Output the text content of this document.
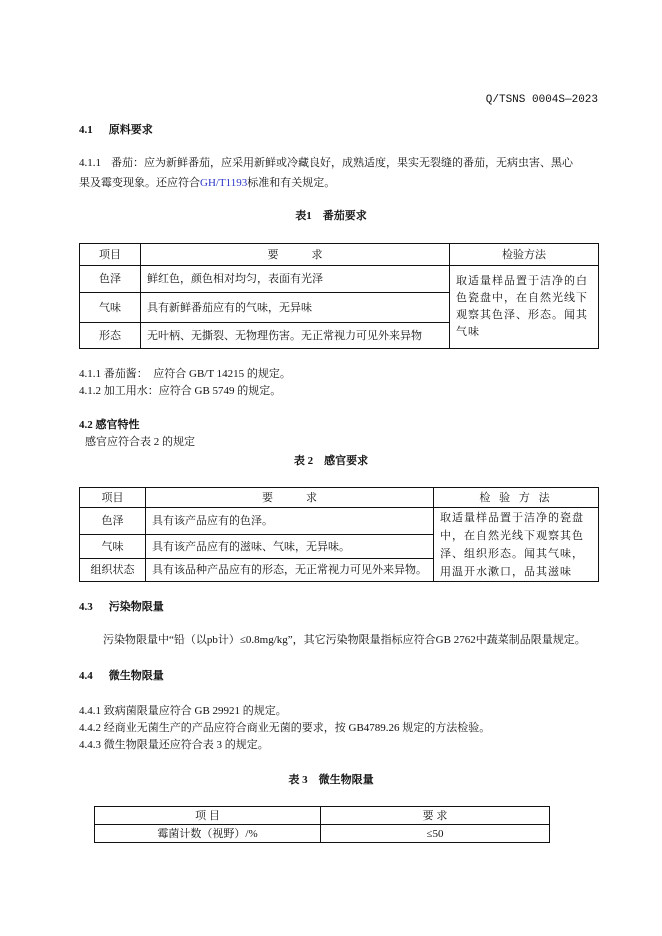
Q/TSNS 0004S—2023
4.1 原料要求
4.1.1 番茄：应为新鲜番茄，应采用新鲜或冷藏良好，成熟适度，果实无裂缝的番茄，无病虫害、黑心
果及霉变现象。还应符合GH/T1193标准和有关规定。
表1　番茄要求
项目	要　　　求	检验方法
色泽	鲜红色，颜色相对均匀，表面有光泽	取适量样品置于洁净的白色瓷盘中，在自然光线下观察其色泽、形态。闻其气味
气味	具有新鲜番茄应有的气味，无异味	
形态	无叶柄、无撕裂、无物理伤害。无正常视力可见外来异物	
4.1.1 番茄酱：　应符合 GB/T 14215 的规定。
4.1.2 加工用水：应符合 GB 5749 的规定。
4.2 感官特性
感官应符合表 2 的规定
表 2　感官要求
项目	要　　　求	检 验 方 法
色泽	具有该产品应有的色泽。	取适量样品置于洁净的瓷盘中，在自然光线下观察其色泽、组织形态。闻其气味，用温开水漱口，品其滋味
气味	具有该产品应有的滋味、气味，无异味。	
组织状态	具有该品种产品应有的形态，无正常视力可见外来异物。	
4.3 污染物限量
污染物限量中“铅（以pb计）≤0.8mg/kg”，其它污染物限量指标应符合GB 2762中蔬菜制品限量规定。
4.4 微生物限量
4.4.1 致病菌限量应符合 GB 29921 的规定。
4.4.2 经商业无菌生产的产品应符合商业无菌的要求，按 GB4789.26 规定的方法检验。
4.4.3 微生物限量还应符合表 3 的规定。
表 3　微生物限量
项 目	要 求
霉菌计数（视野）/%	≤50
